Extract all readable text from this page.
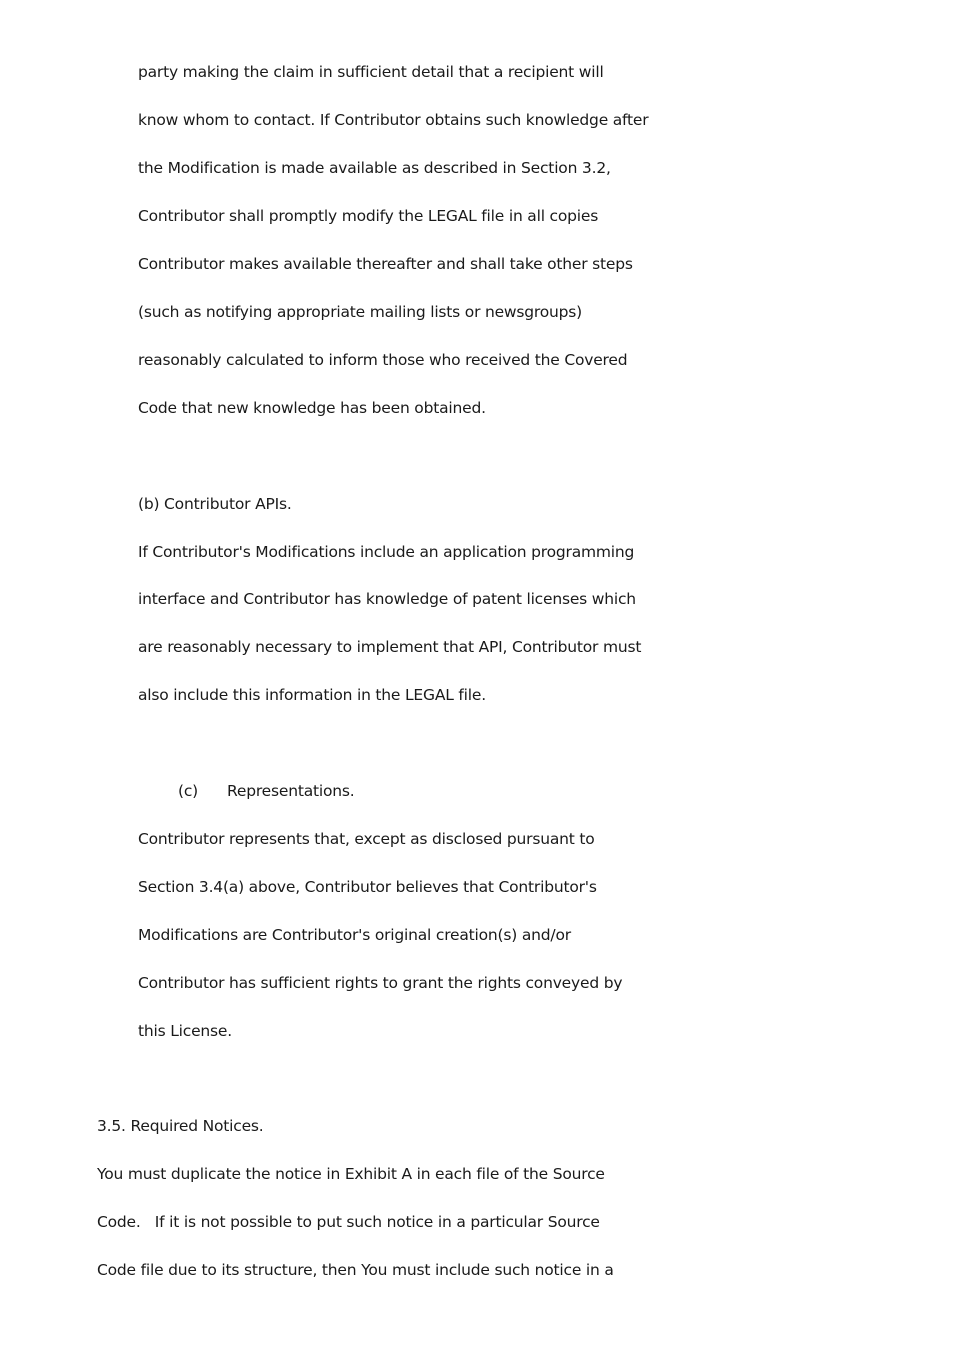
party making the claim in sufficient detail that a recipient will
know whom to contact. If Contributor obtains such knowledge after
the Modification is made available as described in Section 3.2,
Contributor shall promptly modify the LEGAL file in all copies
Contributor makes available thereafter and shall take other steps
(such as notifying appropriate mailing lists or newsgroups)
reasonably calculated to inform those who received the Covered
Code that new knowledge has been obtained.
(b) Contributor APIs.
If Contributor's Modifications include an application programming
interface and Contributor has knowledge of patent licenses which
are reasonably necessary to implement that API, Contributor must
also include this information in the LEGAL file.
(c) Representations.
Contributor represents that, except as disclosed pursuant to
Section 3.4(a) above, Contributor believes that Contributor's
Modifications are Contributor's original creation(s) and/or
Contributor has sufficient rights to grant the rights conveyed by
this License.
3.5. Required Notices.
You must duplicate the notice in Exhibit A in each file of the Source
Code.   If it is not possible to put such notice in a particular Source
Code file due to its structure, then You must include such notice in a
